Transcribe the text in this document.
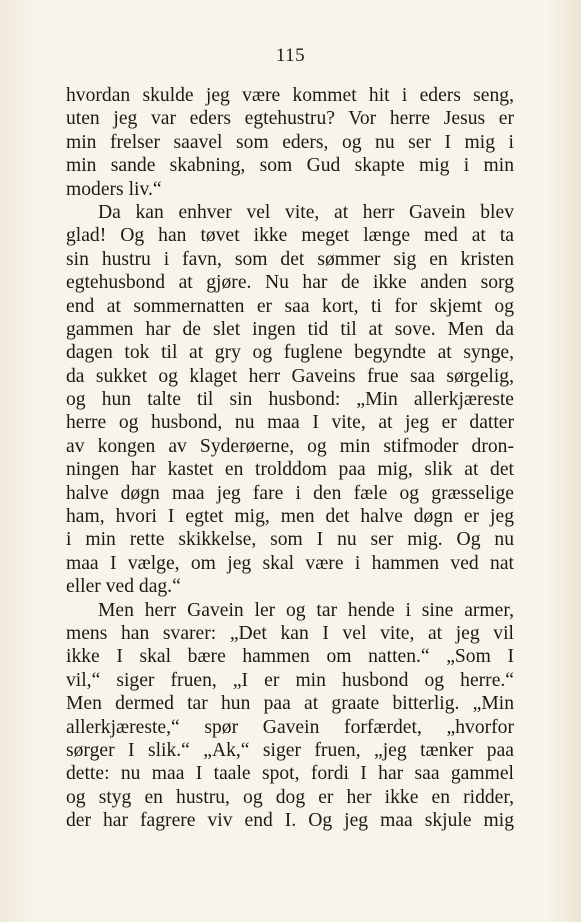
115
hvordan skulde jeg være kommet hit i eders seng,
uten jeg var eders egtehustru? Vor herre Jesus er
min frelser saavel som eders, og nu ser I mig i
min sande skabning, som Gud skapte mig i min
moders liv.“
Da kan enhver vel vite, at herr Gavein blev
glad! Og han tøvet ikke meget længe med at ta
sin hustru i favn, som det sømmer sig en kristen
egtehusbond at gjøre. Nu har de ikke anden sorg
end at sommernatten er saa kort, ti for skjemt og
gammen har de slet ingen tid til at sove. Men da
dagen tok til at gry og fuglene begyndte at synge,
da sukket og klaget herr Gaveins frue saa sørgelig,
og hun talte til sin husbond: „Min allerkjæreste
herre og husbond, nu maa I vite, at jeg er datter
av kongen av Syderøerne, og min stifmoder dron-
ningen har kastet en trolddom paa mig, slik at det
halve døgn maa jeg fare i den fæle og græsselige
ham, hvori I egtet mig, men det halve døgn er jeg
i min rette skikkelse, som I nu ser mig. Og nu
maa I vælge, om jeg skal være i hammen ved nat
eller ved dag.“
Men herr Gavein ler og tar hende i sine armer,
mens han svarer: „Det kan I vel vite, at jeg vil
ikke I skal bære hammen om natten.“ „Som I
vil,“ siger fruen, „I er min husbond og herre.“
Men dermed tar hun paa at graate bitterlig. „Min
allerkjæreste,“ spør Gavein forfærdet, „hvorfor
sørger I slik.“ „Ak,“ siger fruen, „jeg tænker paa
dette: nu maa I taale spot, fordi I har saa gammel
og styg en hustru, og dog er her ikke en ridder,
der har fagrere viv end I. Og jeg maa skjule mig
